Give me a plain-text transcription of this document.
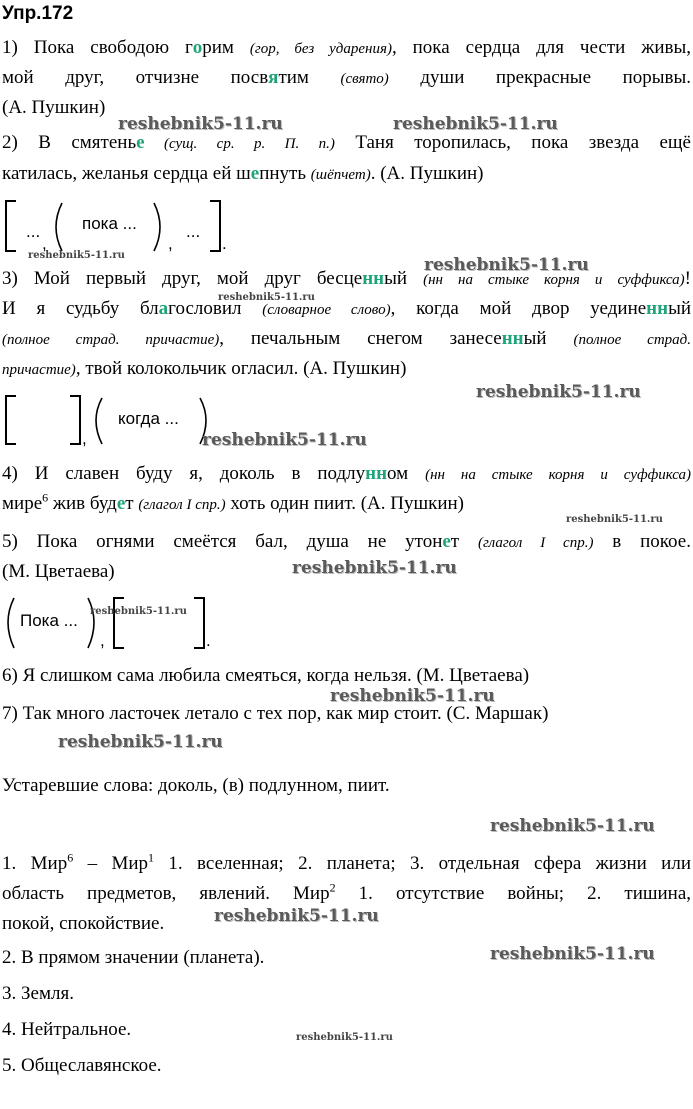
Упр.172
1) Пока свободою горим (гор, без ударения), пока сердца для чести живы,
мой друг, отчизне посвятим (свято) души прекрасные порывы.
(А. Пушкин)
2) В смятенье (сущ. ср. р. П. п.) Таня торопилась, пока звезда ещё
катилась, желанья сердца ей шепнуть (шёпчет). (А. Пушкин)
...
,
пока ...
,
...
.
3) Мой первый друг, мой друг бесценный (нн на стыке корня и суффикса)!
И я судьбу благословил (словарное слово), когда мой двор уединенный
(полное страд. причастие), печальным снегом занесенный (полное страд.
причастие), твой колокольчик огласил. (А. Пушкин)
,
когда ...
4) И славен буду я, доколь в подлунном (нн на стыке корня и суффикса)
мире$^6$ жив будет (глагол I спр.) хоть один пиит. (А. Пушкин)
5) Пока огнями смеётся бал, душа не утонет (глагол I спр.) в покое.
(М. Цветаева)
Пока ...
,	.
6) Я слишком сама любила смеяться, когда нельзя. (М. Цветаева)
7) Так много ласточек летало с тех пор, как мир стоит. (С. Маршак)
Устаревшие слова: доколь, (в) подлунном, пиит.
1. Мир$^6$ – Мир$^1$ 1. вселенная; 2. планета; 3. отдельная сфера жизни или
область предметов, явлений. Мир$^2$ 1. отсутствие войны; 2. тишина,
покой, спокойствие.
2. В прямом значении (планета).
3. Земля.
4. Нейтральное.
5. Общеславянское.
reshebnik5-11.ru	reshebnik5-11.ru
reshebnik5-11.ru	reshebnik5-11.ru
reshebnik5-11.ru
reshebnik5-11.ru
reshebnik5-11.ru
reshebnik5-11.ru
reshebnik5-11.ru
reshebnik5-11.ru
reshebnik5-11.ru
reshebnik5-11.ru
reshebnik5-11.ru
reshebnik5-11.ru
reshebnik5-11.ru
reshebnik5-11.ru
